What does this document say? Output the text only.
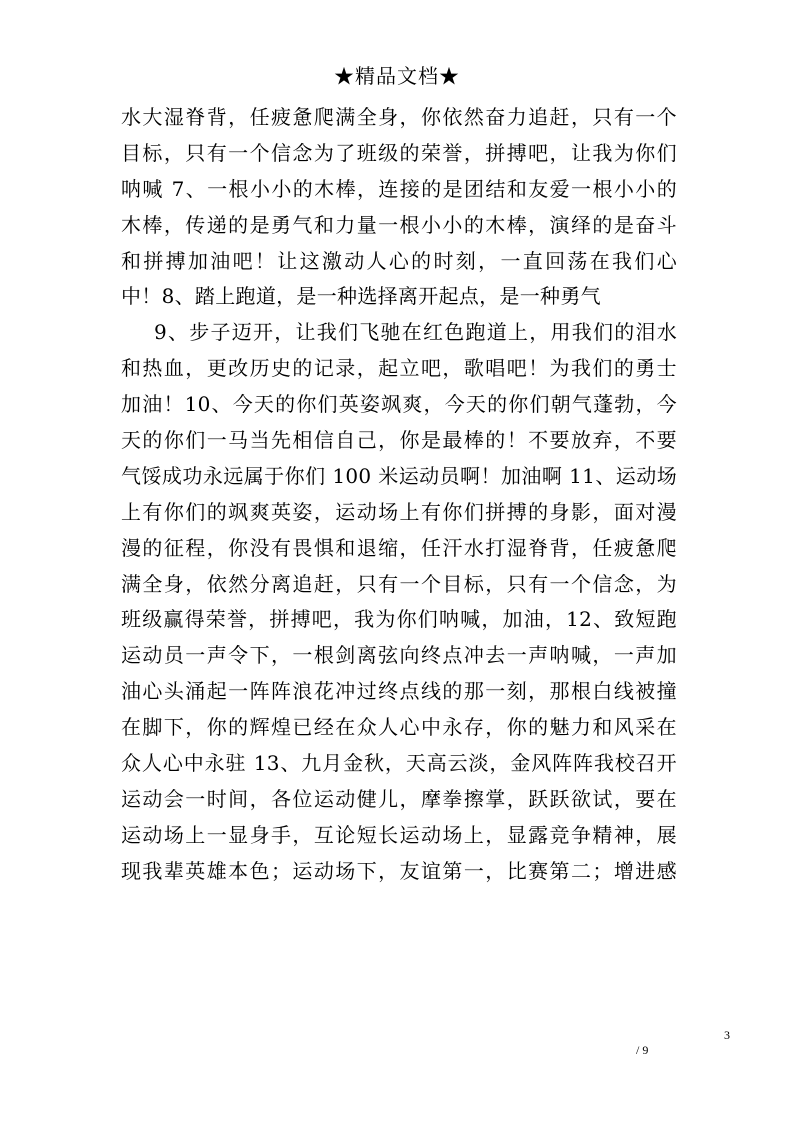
★精品文档★
水大湿脊背，任疲惫爬满全身，你依然奋力追赶，只有一个
目标，只有一个信念为了班级的荣誉，拼搏吧，让我为你们
呐喊 7、一根小小的木棒，连接的是团结和友爱一根小小的
木棒，传递的是勇气和力量一根小小的木棒，演绎的是奋斗
和拼搏加油吧！让这激动人心的时刻，一直回荡在我们心
中！8、踏上跑道，是一种选择离开起点，是一种勇气
9、步子迈开，让我们飞驰在红色跑道上，用我们的泪水
和热血，更改历史的记录，起立吧，歌唱吧！为我们的勇士
加油！10、今天的你们英姿飒爽，今天的你们朝气蓬勃，今
天的你们一马当先相信自己，你是最棒的！不要放弃，不要
气馁成功永远属于你们 100 米运动员啊！加油啊 11、运动场
上有你们的飒爽英姿，运动场上有你们拼搏的身影，面对漫
漫的征程，你没有畏惧和退缩，任汗水打湿脊背，任疲惫爬
满全身，依然分离追赶，只有一个目标，只有一个信念，为
班级赢得荣誉，拼搏吧，我为你们呐喊，加油，12、致短跑
运动员一声令下，一根剑离弦向终点冲去一声呐喊，一声加
油心头涌起一阵阵浪花冲过终点线的那一刻，那根白线被撞
在脚下，你的辉煌已经在众人心中永存，你的魅力和风采在
众人心中永驻 13、九月金秋，天高云淡，金风阵阵我校召开
运动会一时间，各位运动健儿，摩拳擦掌，跃跃欲试，要在
运动场上一显身手，互论短长运动场上，显露竞争精神，展
现我辈英雄本色；运动场下，友谊第一，比赛第二；增进感
3
/ 9
